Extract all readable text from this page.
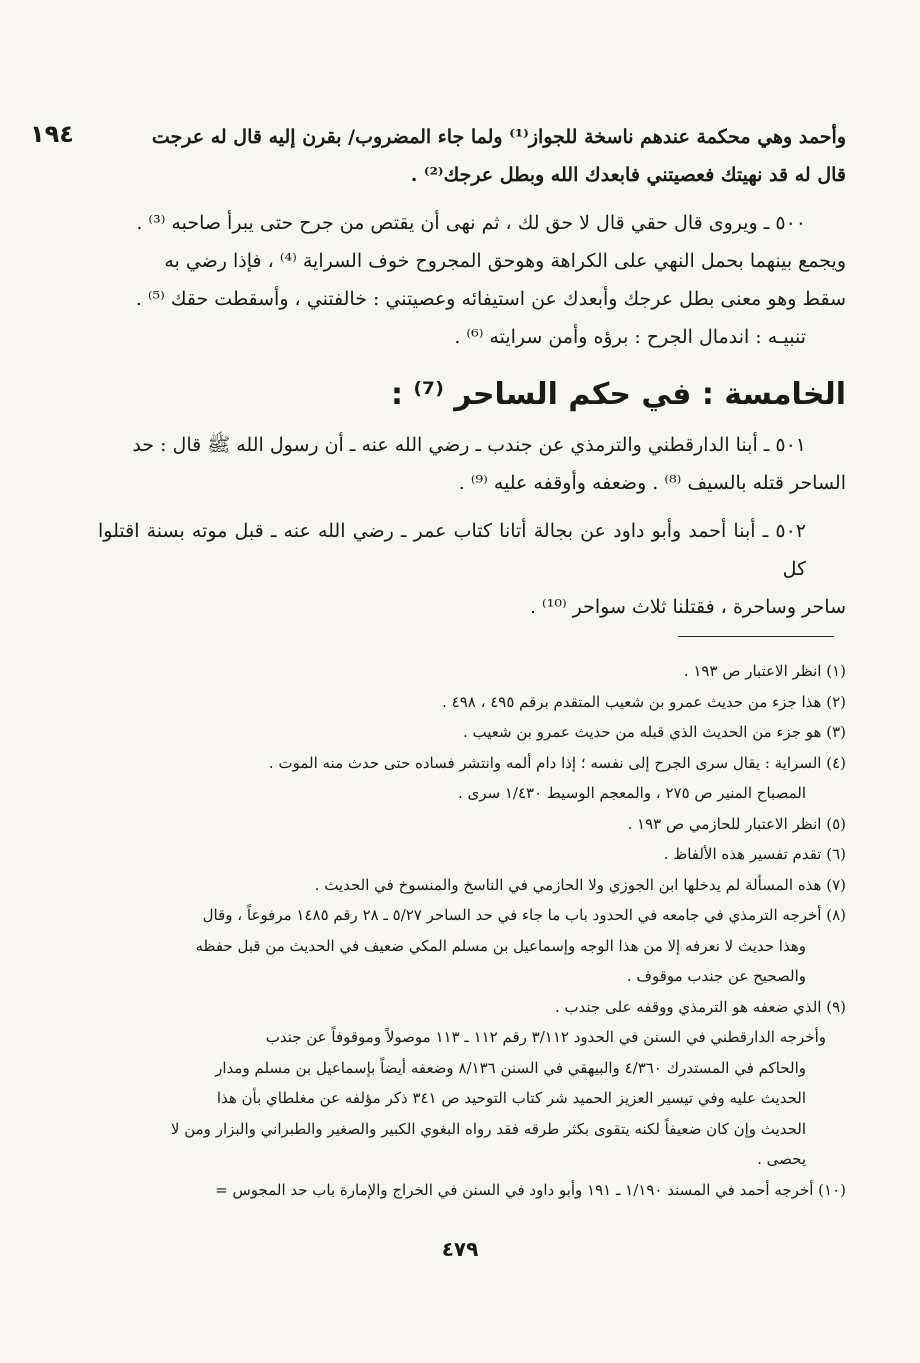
١٩٤	وأحمد وهي محكمة عندهم ناسخة للجواز⁽¹⁾ ولما جاء المضروب/ بقرن إليه قال له عرجت

قال له قد نهيتك فعصيتني فابعدك الله وبطل عرجك⁽²⁾ .

٥٠٠ ـ ويروى قال حقي قال لا حق لك ، ثم نهى أن يقتص من جرح حتى يبرأ صاحبه ⁽³⁾ .

ويجمع بينهما بحمل النهي على الكراهة وهوحق المجروح خوف السراية ⁽⁴⁾ ، فإذا رضي به

سقط وهو معنى بطل عرجك وأبعدك عن استيفائه وعصيتني : خالفتني ، وأسقطت حقك ⁽⁵⁾ .

تنبيـه : اندمال الجرح : برؤه وأمن سرايته ⁽⁶⁾ .

الخامسة : في حكم الساحر ⁽⁷⁾ :

٥٠١ ـ أبنا الدارقطني والترمذي عن جندب ـ رضي الله عنه ـ أن رسول الله ﷺ قال : حد

الساحر قتله بالسيف ⁽⁸⁾ . وضعفه وأوقفه عليه ⁽⁹⁾ .

٥٠٢ ـ أبنا أحمد وأبو داود عن بجالة أتانا كتاب عمر ـ رضي الله عنه ـ قبل موته بسنة اقتلوا كل

ساحر وساحرة ، فقتلنا ثلاث سواحر ⁽¹⁰⁾ .

(١) انظر الاعتبار ص ١٩٣ .

(٢) هذا جزء من حديث عمرو بن شعيب المتقدم برقم ٤٩٥ ، ٤٩٨ .

(٣) هو جزء من الحديث الذي قبله من حديث عمرو بن شعيب .

(٤) السراية : يقال سرى الجرح إلى نفسه ؛ إذا دام ألمه وانتشر فساده حتى حدث منه الموت .

المصباح المنير ص ٢٧٥ ، والمعجم الوسيط ١/٤٣٠ سرى .

(٥) انظر الاعتبار للحازمي ص ١٩٣ .

(٦) تقدم تفسير هذه الألفاظ .

(٧) هذه المسألة لم يدخلها ابن الجوزي ولا الحازمي في الناسخ والمنسوخ في الحديث .

(٨) أخرجه الترمذي في جامعه في الحدود باب ما جاء في حد الساحر ٥/٢٧ ـ ٢٨ رقم ١٤٨٥ مرفوعاً ، وقال

وهذا حديث لا نعرفه إلا من هذا الوجه وإسماعيل بن مسلم المكي ضعيف في الحديث من قبل حفظه

والصحيح عن جندب موقوف .

(٩) الذي ضعفه هو الترمذي ووقفه على جندب .

وأخرجه الدارقطني في السنن في الحدود ٣/١١٢ رقم ١١٢ ـ ١١٣ موصولاً وموقوفاً عن جندب

والحاكم في المستدرك ٤/٣٦٠ والبيهقي في السنن ٨/١٣٦ وضعفه أيضاً بإسماعيل بن مسلم ومدار

الحديث عليه وفي تيسير العزيز الحميد شر كتاب التوحيد ص ٣٤١ ذكر مؤلفه عن مغلطاي بأن هذا

الحديث وإن كان ضعيفاً لكنه يتقوى بكثر طرقه فقد رواه البغوي الكبير والصغير والطبراني والبزار ومن لا

يحصى .

(١٠) أخرجه أحمد في المسند ١/١٩٠ ـ ١٩١ وأبو داود في السنن في الخراج والإمارة باب حد المجوس =

٤٧٩
